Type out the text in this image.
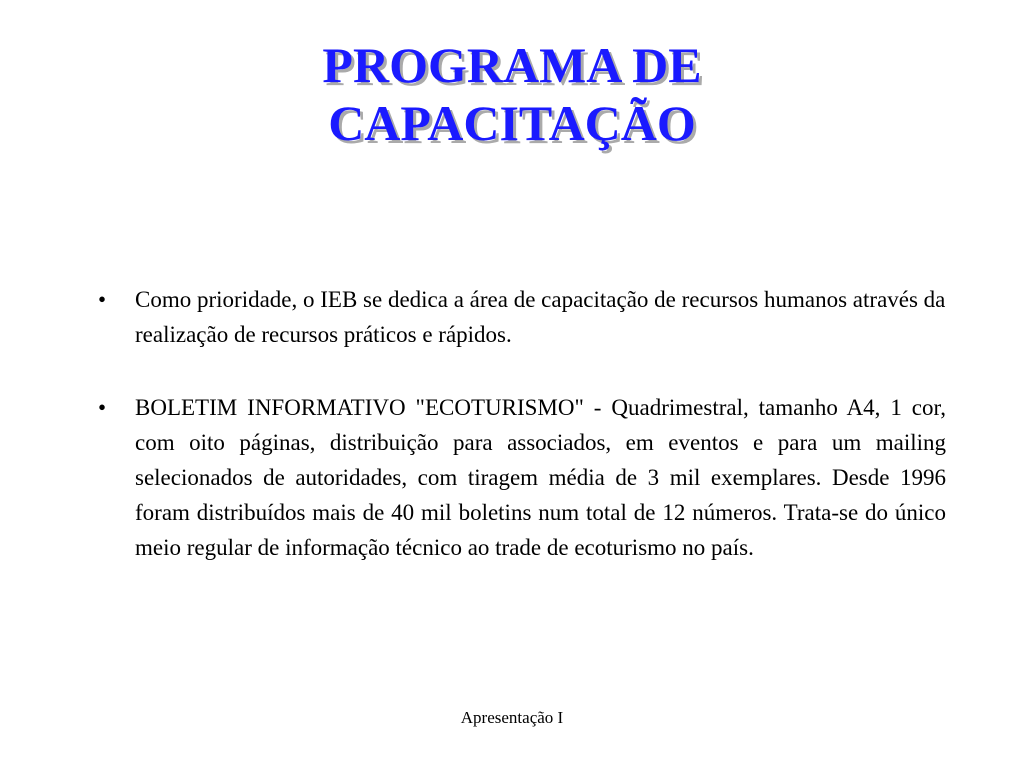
PROGRAMA DE
CAPACITAÇÃO
• Como prioridade, o IEB se dedica a área de capacitação de recursos humanos através da realização de recursos práticos e rápidos.
• BOLETIM INFORMATIVO "ECOTURISMO" - Quadrimestral, tamanho A4, 1 cor, com oito páginas, distribuição para associados, em eventos e para um mailing selecionados de autoridades, com tiragem média de 3 mil exemplares. Desde 1996 foram distribuídos mais de 40 mil boletins num total de 12 números. Trata-se do único meio regular de informação técnico ao trade de ecoturismo no país.
Apresentação I
